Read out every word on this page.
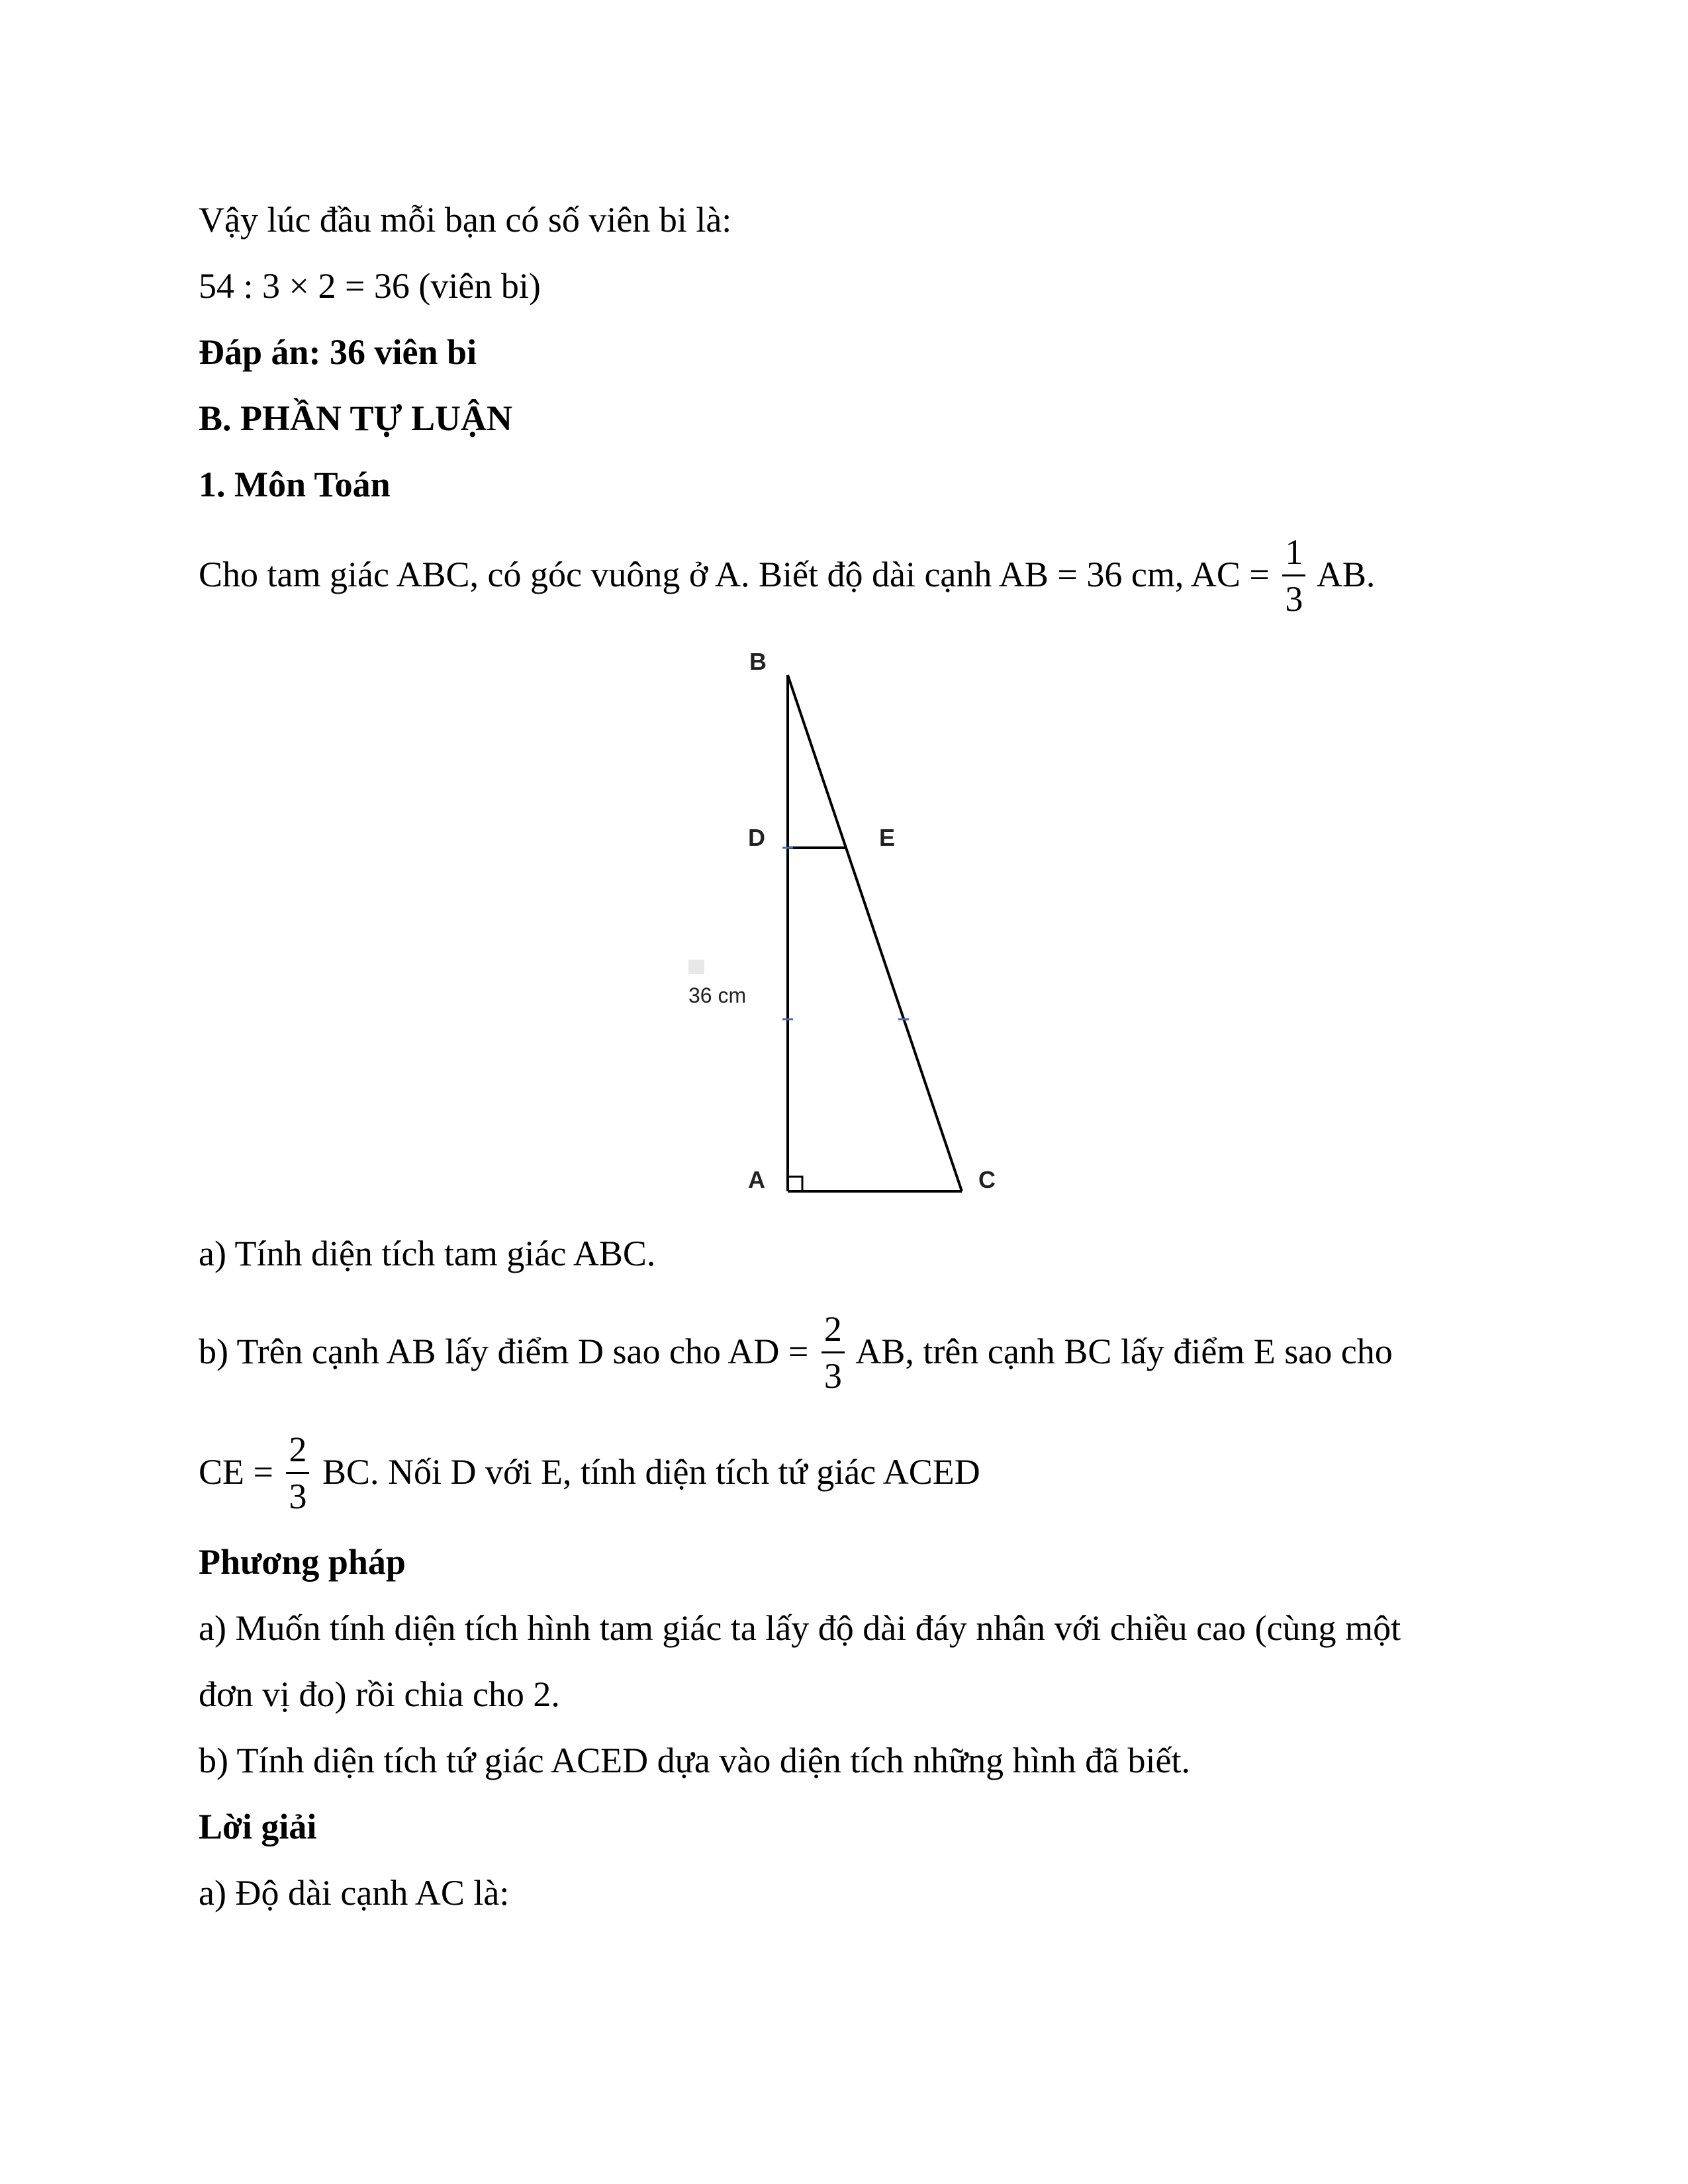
Vậy lúc đầu mỗi bạn có số viên bi là:
54 : 3 × 2 = 36 (viên bi)
Đáp án: 36 viên bi
B. PHẦN TỰ LUẬN
1. Môn Toán
Cho tam giác ABC, có góc vuông ở A. Biết độ dài cạnh AB = 36 cm, AC = $\frac{1}{3}$ AB.
B
D	E
A	C
36 cm
a) Tính diện tích tam giác ABC.
b) Trên cạnh AB lấy điểm D sao cho AD = $\frac{2}{3}$ AB, trên cạnh BC lấy điểm E sao cho
CE = $\frac{2}{3}$ BC. Nối D với E, tính diện tích tứ giác ACED
Phương pháp
a) Muốn tính diện tích hình tam giác ta lấy độ dài đáy nhân với chiều cao (cùng một
đơn vị đo) rồi chia cho 2.
b) Tính diện tích tứ giác ACED dựa vào diện tích những hình đã biết.
Lời giải
a) Độ dài cạnh AC là:
